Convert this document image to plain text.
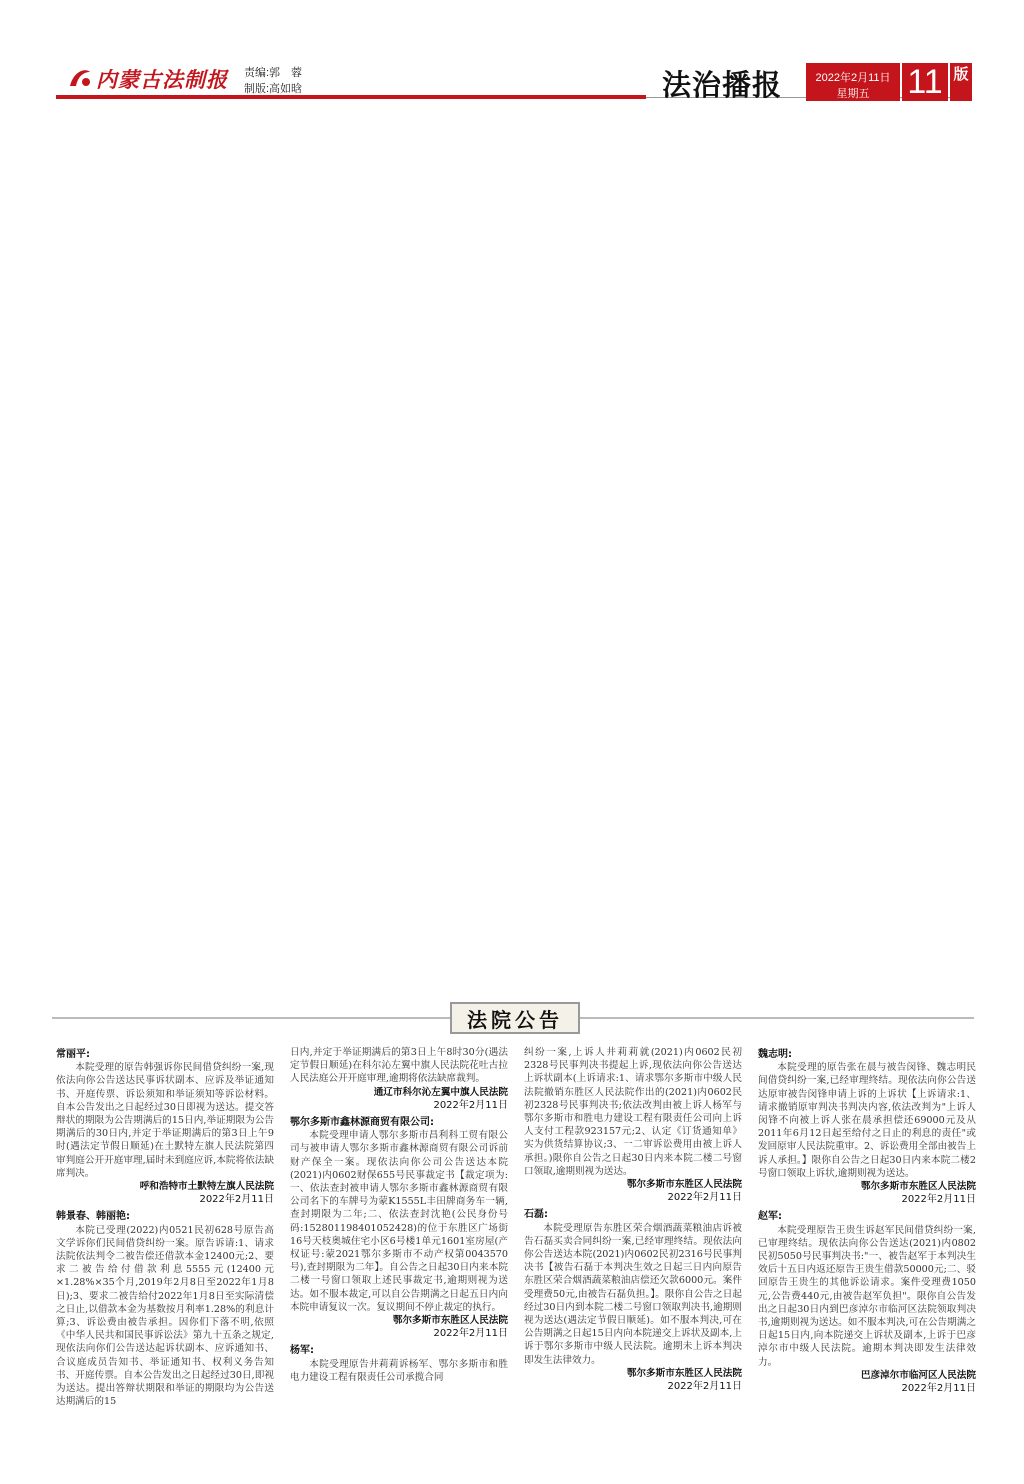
内蒙古法制报 责编:郭　蓉
制版:高如晗	法治播报	2022年2月11日
星期五	11 版
法院公告

常丽平:

本院受理的原告韩强诉你民间借贷纠纷一案,现依法向你公告送达民事诉状副本、应诉及举证通知书、开庭传票、诉讼须知和举证须知等诉讼材料。自本公告发出之日起经过30日即视为送达。提交答辩状的期限为公告期满后的15日内,举证期限为公告期满后的30日内,并定于举证期满后的第3日上午9时(遇法定节假日顺延)在土默特左旗人民法院第四审判庭公开开庭审理,届时未到庭应诉,本院将依法缺席判决。

呼和浩特市土默特左旗人民法院

2022年2月11日

韩景春、韩丽艳:

本院已受理(2022)内0521民初628号原告高文学诉你们民间借贷纠纷一案。原告诉请:1、请求法院依法判令二被告偿还借款本金12400元;2、要求二被告给付借款利息5555元(12400元×1.28%×35个月,2019年2月8日至2022年1月8日);3、要求二被告给付2022年1月8日至实际清偿之日止,以借款本金为基数按月利率1.28%的利息计算;3、诉讼费由被告承担。因你们下落不明,依照《中华人民共和国民事诉讼法》第九十五条之规定,现依法向你们公告送达起诉状副本、应诉通知书、合议庭成员告知书、举证通知书、权利义务告知书、开庭传票。自本公告发出之日起经过30日,即视为送达。提出答辩状期限和举证的期限均为公告送达期满后的15

日内,并定于举证期满后的第3日上午8时30分(遇法定节假日顺延)在科尔沁左翼中旗人民法院花吐古拉人民法庭公开开庭审理,逾期将依法缺席裁判。

通辽市科尔沁左翼中旗人民法院

2022年2月11日

鄂尔多斯市鑫林源商贸有限公司:

本院受理申请人鄂尔多斯市昌利科工贸有限公司与被申请人鄂尔多斯市鑫林源商贸有限公司诉前财产保全一案。现依法向你公司公告送达本院(2021)内0602财保655号民事裁定书【裁定项为:一、依法查封被申请人鄂尔多斯市鑫林源商贸有限公司名下的车牌号为蒙K1555L丰田牌商务车一辆,查封期限为二年;二、依法查封沈艳(公民身份号码:152801198401052428)的位于东胜区广场街16号天枝奥城住宅小区6号楼1单元1601室房屋(产权证号:蒙2021鄂尔多斯市不动产权第0043570号),查封期限为二年】。自公告之日起30日内来本院二楼一号窗口领取上述民事裁定书,逾期则视为送达。如不服本裁定,可以自公告期满之日起五日内向本院申请复议一次。复议期间不停止裁定的执行。

鄂尔多斯市东胜区人民法院

2022年2月11日

杨军:

本院受理原告井莉莉诉杨军、鄂尔多斯市和胜电力建设工程有限责任公司承揽合同

纠纷一案,上诉人井莉莉就(2021)内0602民初2328号民事判决书提起上诉,现依法向你公告送达上诉状副本(上诉请求:1、请求鄂尔多斯市中级人民法院撤销东胜区人民法院作出的(2021)内0602民初2328号民事判决书;依法改判由被上诉人杨军与鄂尔多斯市和胜电力建设工程有限责任公司向上诉人支付工程款923157元;2、认定《订货通知单》实为供货结算协议;3、一二审诉讼费用由被上诉人承担。)限你自公告之日起30日内来本院二楼二号窗口领取,逾期则视为送达。

鄂尔多斯市东胜区人民法院

2022年2月11日

石磊:

本院受理原告东胜区荣合烟酒蔬菜粮油店诉被告石磊买卖合同纠纷一案,已经审理终结。现依法向你公告送达本院(2021)内0602民初2316号民事判决书【被告石磊于本判决生效之日起三日内向原告东胜区荣合烟酒蔬菜粮油店偿还欠款6000元。案件受理费50元,由被告石磊负担。】。限你自公告之日起经过30日内到本院二楼二号窗口领取判决书,逾期则视为送达(遇法定节假日顺延)。如不服本判决,可在公告期满之日起15日内向本院递交上诉状及副本,上诉于鄂尔多斯市中级人民法院。逾期未上诉本判决即发生法律效力。

鄂尔多斯市东胜区人民法院

2022年2月11日

魏志明:

本院受理的原告张在晨与被告闵锋、魏志明民间借贷纠纷一案,已经审理终结。现依法向你公告送达原审被告闵锋申请上诉的上诉状【上诉请求:1、请求撤销原审判决书判决内容,依法改判为"上诉人闵锋不向被上诉人张在晨承担偿还69000元及从2011年6月12日起至给付之日止的利息的责任"或发回原审人民法院重审。2、诉讼费用全部由被告上诉人承担。】限你自公告之日起30日内来本院二楼2号窗口领取上诉状,逾期则视为送达。

鄂尔多斯市东胜区人民法院

2022年2月11日

赵军:

本院受理原告王贵生诉赵军民间借贷纠纷一案,已审理终结。现依法向你公告送达(2021)内0802民初5050号民事判决书:"一、被告赵军于本判决生效后十五日内返还原告王贵生借款50000元;二、驳回原告王贵生的其他诉讼请求。案件受理费1050元,公告费440元,由被告赵军负担"。限你自公告发出之日起30日内到巴彦淖尔市临河区法院领取判决书,逾期则视为送达。如不服本判决,可在公告期满之日起15日内,向本院递交上诉状及副本,上诉于巴彦淖尔市中级人民法院。逾期本判决即发生法律效力。

巴彦淖尔市临河区人民法院

2022年2月11日
